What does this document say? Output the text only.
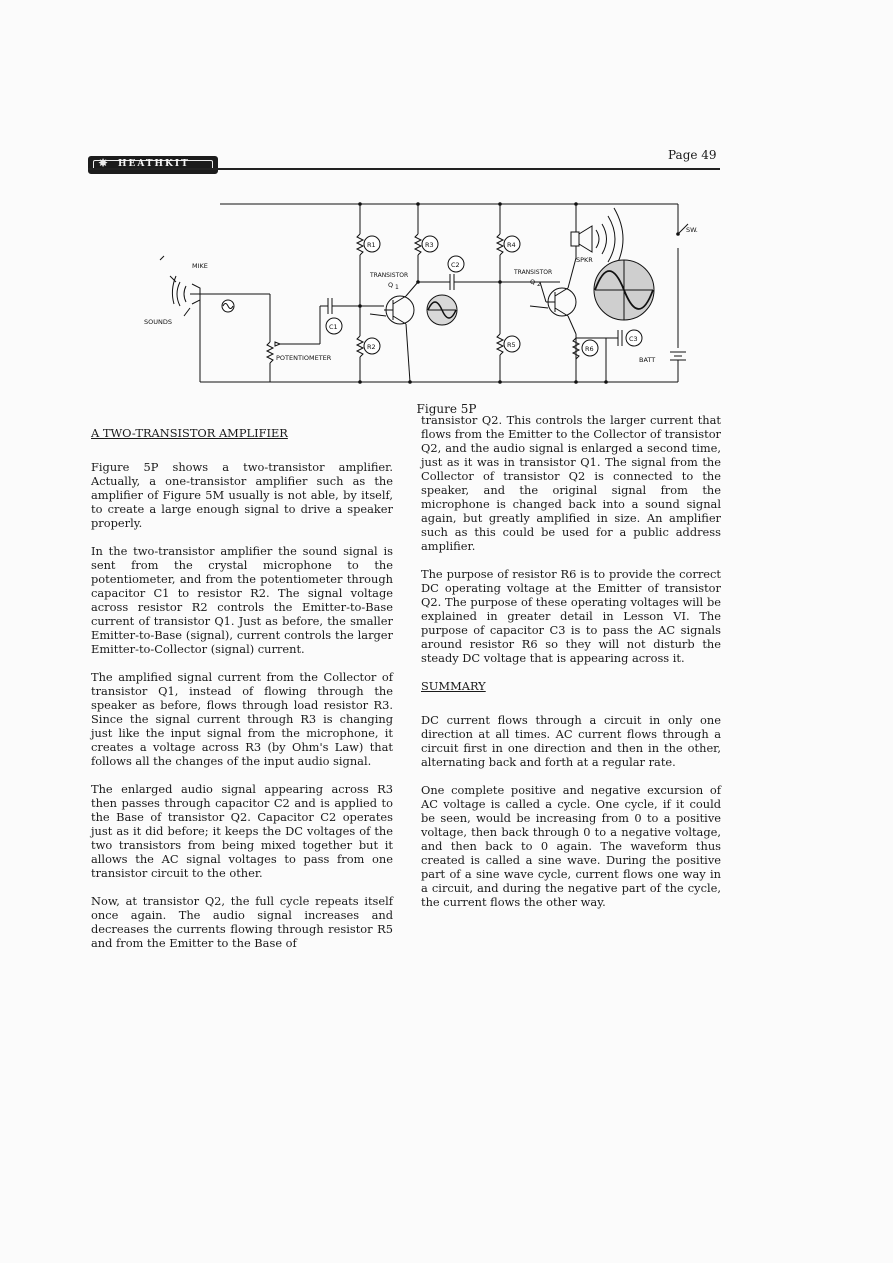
✸ HEATHKIT
Page 49
R1	R3	R4
C2
C1
R2	R5	R6
C3
MIKE
SOUNDS
POTENTIOMETER
TRANSISTOR
Q 1
TRANSISTOR
Q 2
SPKR
SW.
BATT
Figure 5P
A TWO-TRANSISTOR AMPLIFIER

Figure 5P shows a two-transistor amplifier. Actually, a one-transistor amplifier such as the amplifier of Figure 5M usually is not able, by itself, to create a large enough signal to drive a speaker properly.

In the two-transistor amplifier the sound signal is sent from the crystal microphone to the potentiometer, and from the potentiometer through capacitor C1 to resistor R2. The signal voltage across resistor R2 controls the Emitter-to-Base current of transistor Q1. Just as before, the smaller Emitter-to-Base (signal), current controls the larger Emitter-to-Collector (signal) current.

The amplified signal current from the Collector of transistor Q1, instead of flowing through the speaker as before, flows through load resistor R3. Since the signal current through R3 is changing just like the input signal from the microphone, it creates a voltage across R3 (by Ohm's Law) that follows all the changes of the input audio signal.

The enlarged audio signal appearing across R3 then passes through capacitor C2 and is applied to the Base of transistor Q2. Capacitor C2 operates just as it did before; it keeps the DC voltages of the two transistors from being mixed together but it allows the AC signal voltages to pass from one transistor circuit to the other.

Now, at transistor Q2, the full cycle repeats itself once again. The audio signal increases and decreases the currents flowing through resistor R5 and from the Emitter to the Base of

transistor Q2. This controls the larger current that flows from the Emitter to the Collector of transistor Q2, and the audio signal is enlarged a second time, just as it was in transistor Q1. The signal from the Collector of transistor Q2 is connected to the speaker, and the original signal from the microphone is changed back into a sound signal again, but greatly amplified in size. An amplifier such as this could be used for a public address amplifier.

The purpose of resistor R6 is to provide the correct DC operating voltage at the Emitter of transistor Q2. The purpose of these operating voltages will be explained in greater detail in Lesson VI. The purpose of capacitor C3 is to pass the AC signals around resistor R6 so they will not disturb the steady DC voltage that is appearing across it.

SUMMARY

DC current flows through a circuit in only one direction at all times. AC current flows through a circuit first in one direction and then in the other, alternating back and forth at a regular rate.

One complete positive and negative excursion of AC voltage is called a cycle. One cycle, if it could be seen, would be increasing from 0 to a positive voltage, then back through 0 to a negative voltage, and then back to 0 again. The waveform thus created is called a sine wave. During the positive part of a sine wave cycle, current flows one way in a circuit, and during the negative part of the cycle, the current flows the other way.
